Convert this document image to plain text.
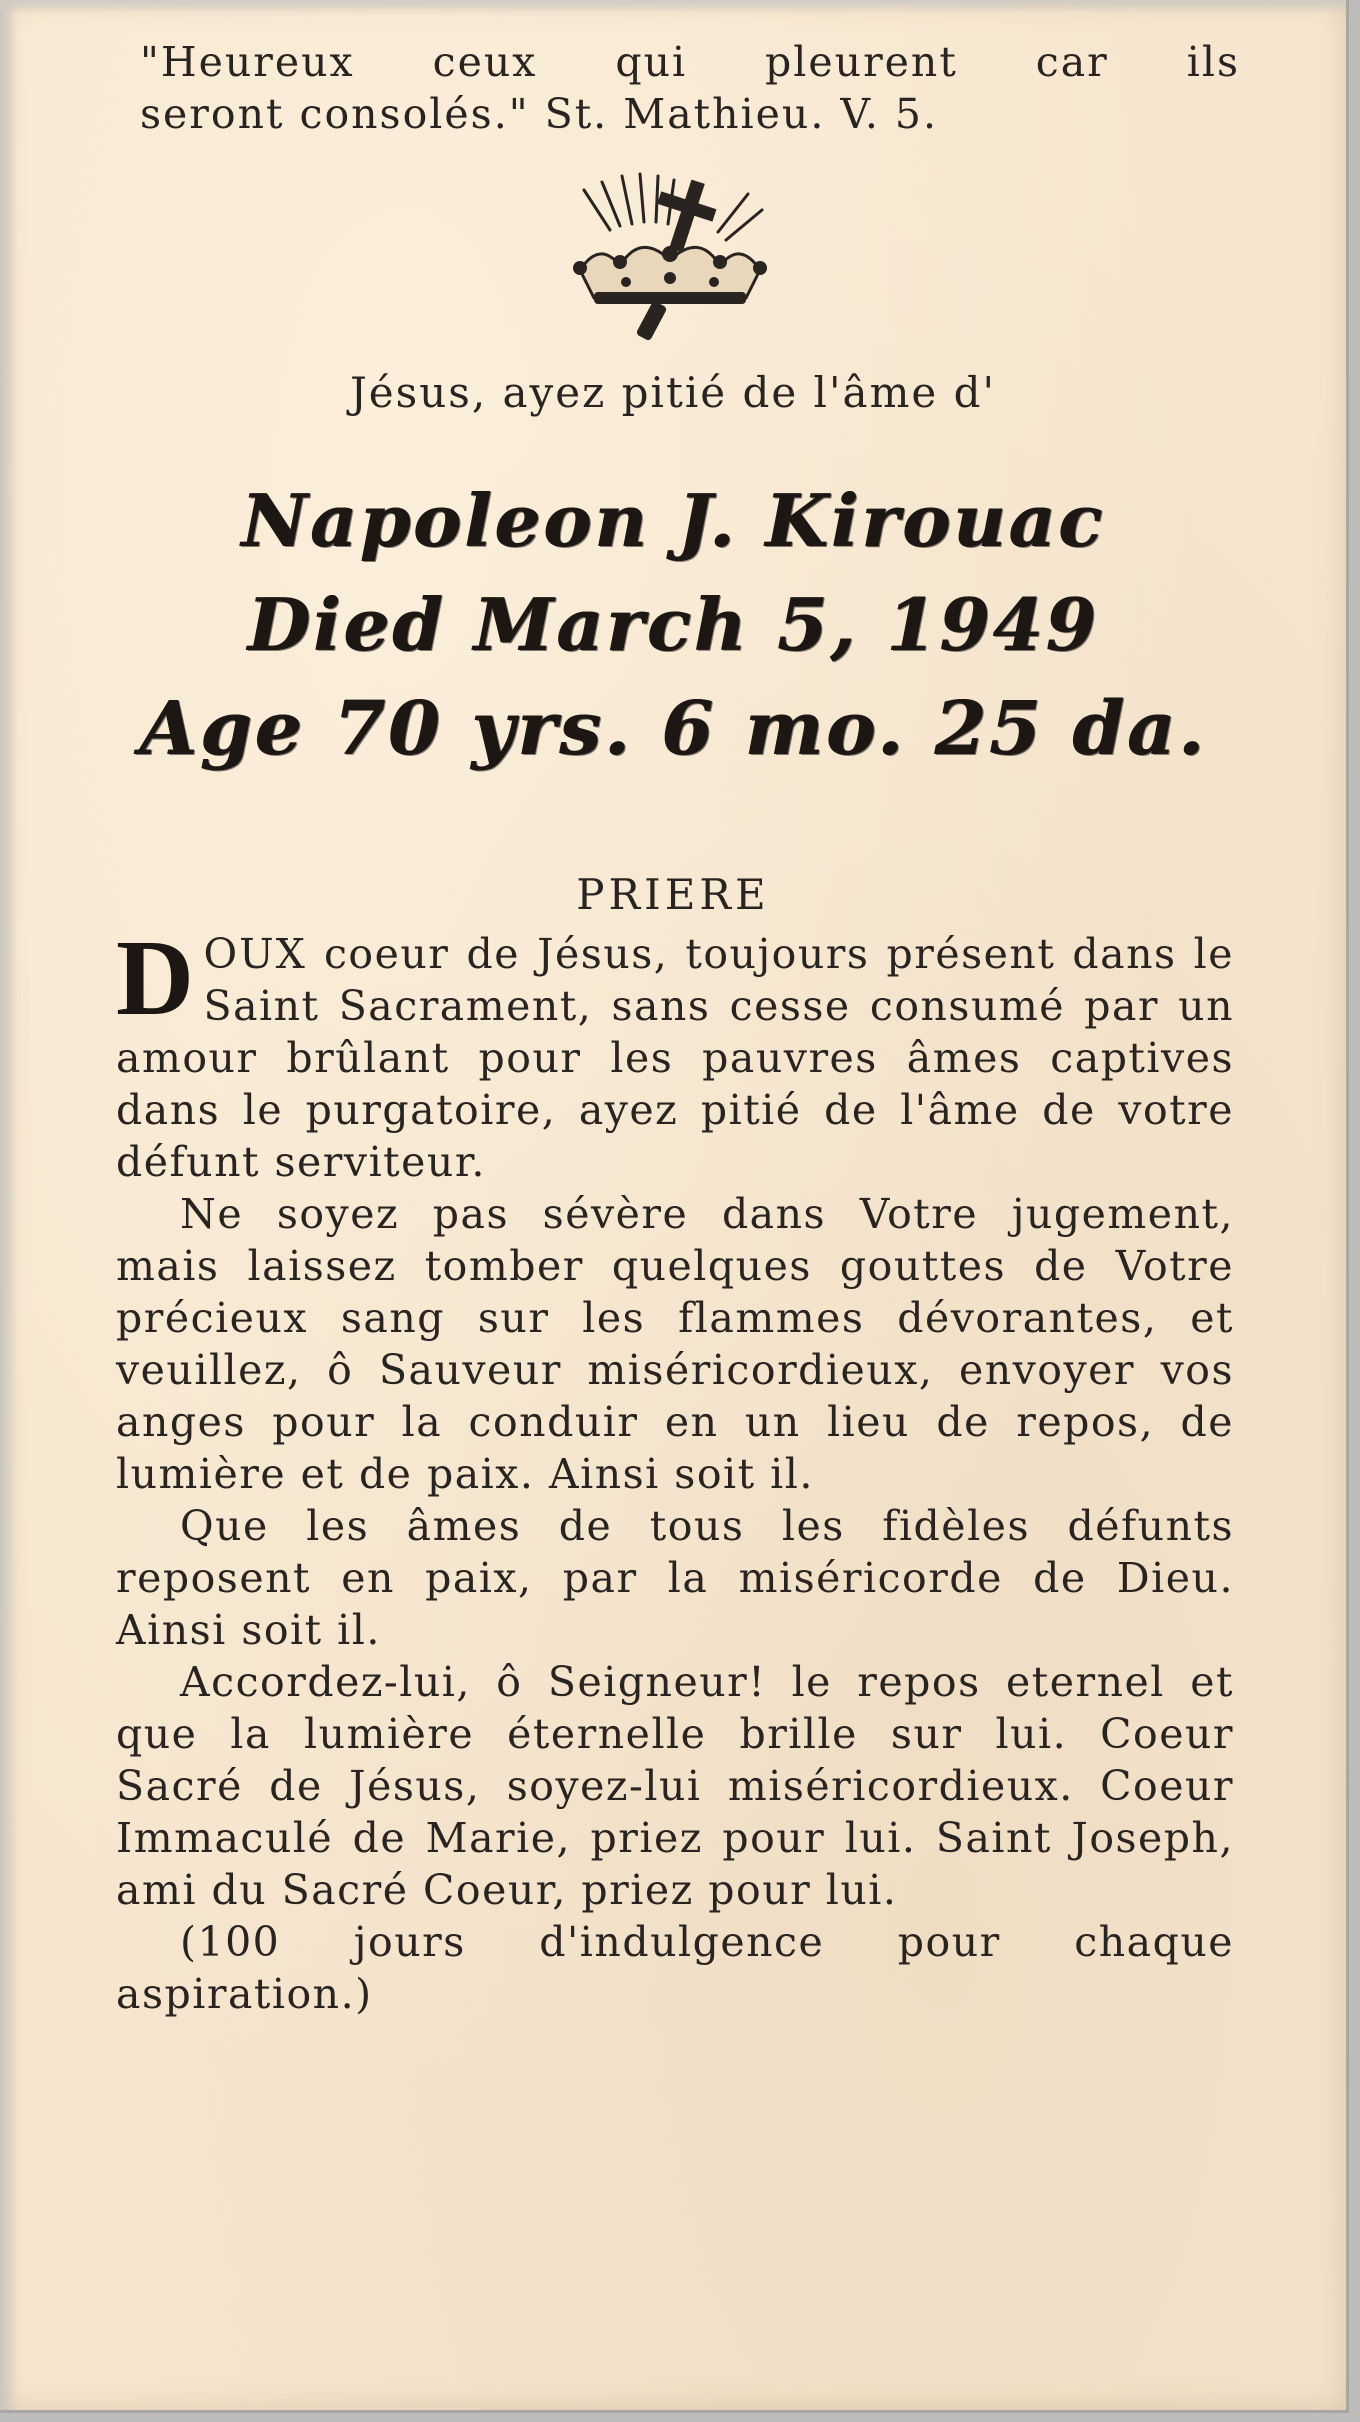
"Heureux ceux qui pleurent car ils
seront consolés." St. Mathieu. V. 5.
Jésus, ayez pitié de l'âme d'
Napoleon J. Kirouac
Died March 5, 1949
Age 70 yrs. 6 mo. 25 da.
PRIERE

DOUX coeur de Jésus, toujours présent dans le Saint Sacrament, sans cesse consumé par un amour brûlant pour les pauvres âmes captives dans le purgatoire, ayez pitié de l'âme de votre défunt serviteur.

Ne soyez pas sévère dans Votre jugement, mais laissez tomber quelques gouttes de Votre précieux sang sur les flammes dévorantes, et veuillez, ô Sauveur miséricordieux, envoyer vos anges pour la conduir en un lieu de repos, de lumière et de paix. Ainsi soit il.

Que les âmes de tous les fidèles défunts reposent en paix, par la miséricorde de Dieu. Ainsi soit il.

Accordez-lui, ô Seigneur! le repos eternel et que la lumière éternelle brille sur lui. Coeur Sacré de Jésus, soyez-lui miséricordieux. Coeur Immaculé de Marie, priez pour lui. Saint Joseph, ami du Sacré Coeur, priez pour lui.

(100 jours d'indulgence pour chaque aspiration.)
